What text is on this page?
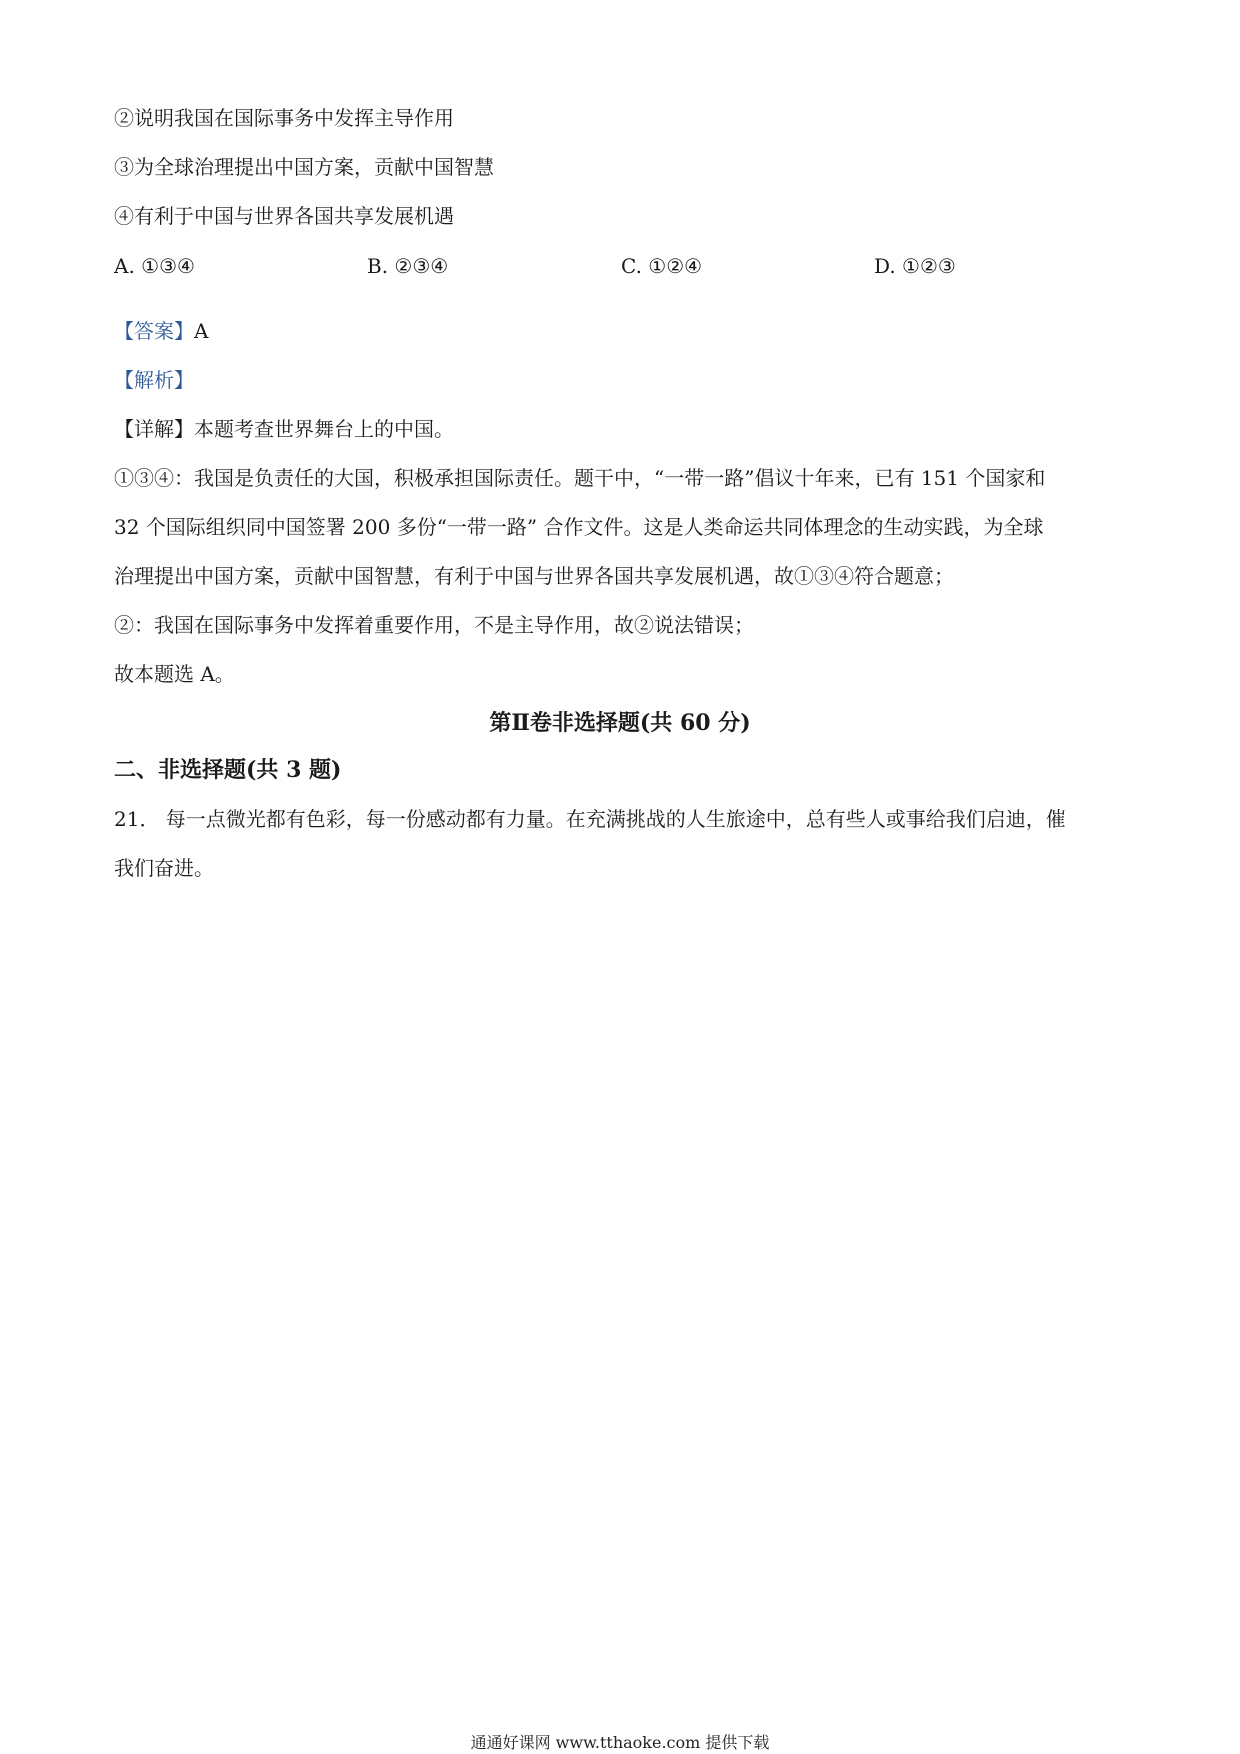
②说明我国在国际事务中发挥主导作用
③为全球治理提出中国方案，贡献中国智慧
④有利于中国与世界各国共享发展机遇
A. ①③④	B. ②③④	C. ①②④	D. ①②③
【答案】A
【解析】
【详解】本题考查世界舞台上的中国。
①③④：我国是负责任的大国，积极承担国际责任。题干中，“一带一路”倡议十年来，已有 151 个国家和
32 个国际组织同中国签署 200 多份“一带一路” 合作文件。这是人类命运共同体理念的生动实践，为全球
治理提出中国方案，贡献中国智慧，有利于中国与世界各国共享发展机遇，故①③④符合题意；
②：我国在国际事务中发挥着重要作用，不是主导作用，故②说法错误；
故本题选 A。
第Ⅱ卷非选择题(共 60 分)
二、非选择题(共 3 题)
21． 每一点微光都有色彩，每一份感动都有力量。在充满挑战的人生旅途中，总有些人或事给我们启迪，催
我们奋进。
通通好课网 www.tthaoke.com 提供下载
